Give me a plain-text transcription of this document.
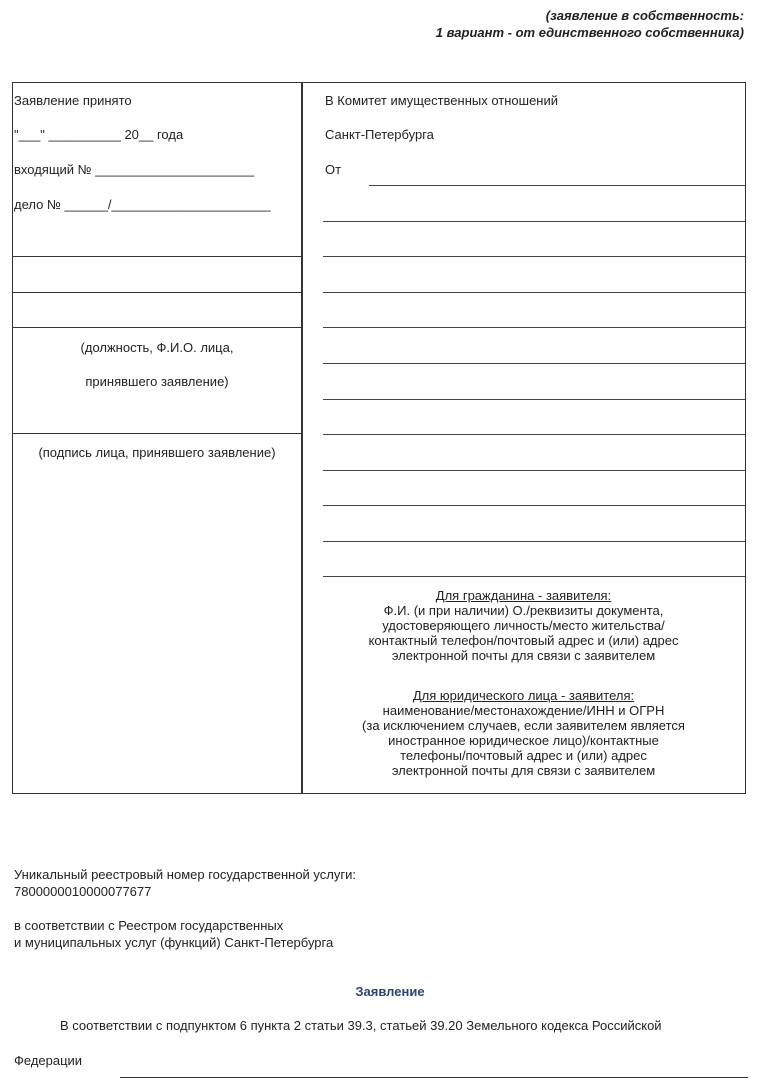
(заявление в собственность:
1 вариант - от единственного собственника)
Заявление принято
"___" __________ 20__ года
входящий № ______________________
дело № ______/______________________
(должность, Ф.И.О. лица,
принявшего заявление)
(подпись лица, принявшего заявление)
В Комитет имущественных отношений
Санкт-Петербурга
От
Для гражданина - заявителя:
Ф.И. (и при наличии) О./реквизиты документа,
удостоверяющего личность/место жительства/
контактный телефон/почтовый адрес и (или) адрес
электронной почты для связи с заявителем
Для юридического лица - заявителя:
наименование/местонахождение/ИНН и ОГРН
(за исключением случаев, если заявителем является
иностранное юридическое лицо)/контактные
телефоны/почтовый адрес и (или) адрес
электронной почты для связи с заявителем
Уникальный реестровый номер государственной услуги:
7800000010000077677
в соответствии с Реестром государственных
и муниципальных услуг (функций) Санкт-Петербурга
Заявление
В соответствии с подпунктом 6 пункта 2 статьи 39.3, статьей 39.20 Земельного кодекса Российской
Федерации
